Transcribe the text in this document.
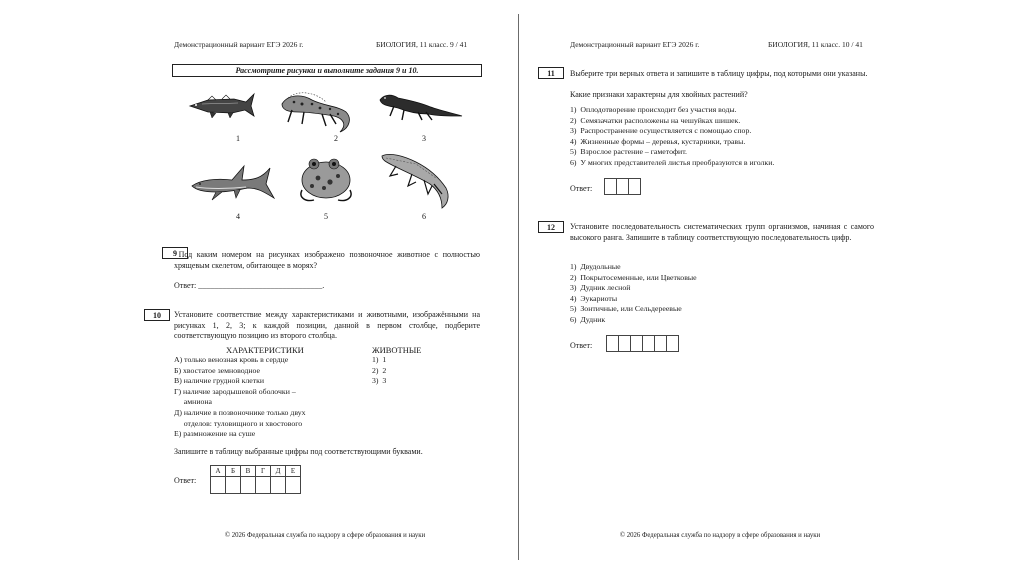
Демонстрационный вариант ЕГЭ 2026 г.	БИОЛОГИЯ, 11 класс. 9 / 41
Рассмотрите рисунки и выполните задания 9 и 10.
1	2	3
4	5	6
9 Под каким номером на рисунках изображено позвоночное животное с полностью хрящевым скелетом, обитающее в морях?
Ответ: _______________________________.
10	Установите соответствие между характеристиками и животными, изображёнными на рисунках 1, 2, 3; к каждой позиции, данной в первом столбце, подберите соответствующую позицию из второго столбца.
ХАРАКТЕРИСТИКИ	ЖИВОТНЫЕ
А) только венозная кровь в сердце
Б) хвостатое земноводное
В) наличие грудной клетки
Г) наличие зародышевой оболочки –
амниона
Д) наличие в позвоночнике только двух
отделов: туловищного и хвостового
Е) размножение на суше
1)  1
2)  2
3)  3
Запишите в таблицу выбранные цифры под соответствующими буквами.
Ответ:
А	Б	В	Г	Д	Е

© 2026 Федеральная служба по надзору в сфере образования и науки
Демонстрационный вариант ЕГЭ 2026 г.	БИОЛОГИЯ, 11 класс. 10 / 41
11	Выберите три верных ответа и запишите в таблицу цифры, под которыми они указаны.
Какие признаки характерны для хвойных растений?
1)  Оплодотворение происходит без участия воды.
2)  Семязачатки расположены на чешуйках шишек.
3)  Распространение осуществляется с помощью спор.
4)  Жизненные формы – деревья, кустарники, травы.
5)  Взрослое растение – гаметофит.
6)  У многих представителей листья преобразуются в иголки.
Ответ:
12	Установите последовательность систематических групп организмов, начиная с самого высокого ранга. Запишите в таблицу соответствующую последовательность цифр.
1)  Двудольные
2)  Покрытосеменные, или Цветковые
3)  Дудник лесной
4)  Эукариоты
5)  Зонтичные, или Сельдереевые
6)  Дудник
Ответ:
© 2026 Федеральная служба по надзору в сфере образования и науки
